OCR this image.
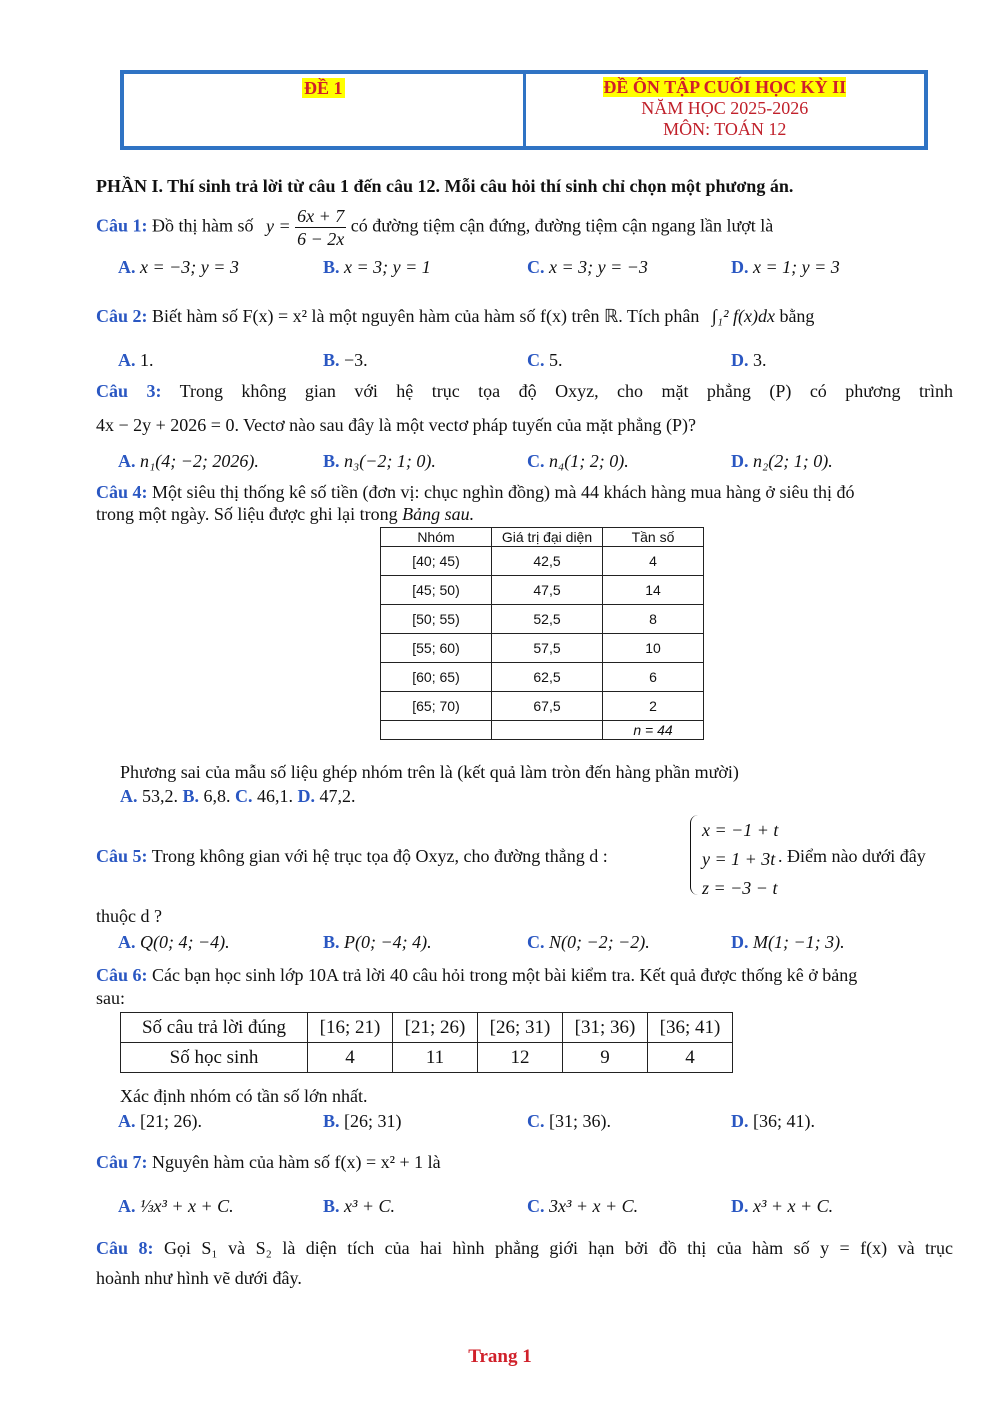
ĐỀ 1	ĐỀ ÔN TẬP CUỐI HỌC KỲ II
NĂM HỌC 2025-2026
MÔN: TOÁN 12
PHẦN I. Thí sinh trả lời từ câu 1 đến câu 12. Mỗi câu hỏi thí sinh chỉ chọn một phương án.
Câu 1: Đồ thị hàm số $y = \frac{6x + 7}{6 - 2x}$ có đường tiệm cận đứng, đường tiệm cận ngang lần lượt là
A. x = −3; y = 3	B. x = 3; y = 1	C. x = 3; y = −3	D. x = 1; y = 3
Câu 2: Biết hàm số F(x) = x² là một nguyên hàm của hàm số f(x) trên ℝ. Tích phân ∫₁² f(x)dx bằng
A. 1.	B. −3.	C. 5.	D. 3.
Câu 3: Trong không gian với hệ trục tọa độ Oxyz, cho mặt phẳng (P) có phương trình
4x − 2y + 2026 = 0. Vectơ nào sau đây là một vectơ pháp tuyến của mặt phẳng (P)?
A. n₁(4; −2; 2026).	B. n₃(−2; 1; 0).	C. n₄(1; 2; 0).	D. n₂(2; 1; 0).
Câu 4: Một siêu thị thống kê số tiền (đơn vị: chục nghìn đồng) mà 44 khách hàng mua hàng ở siêu thị đó
trong một ngày. Số liệu được ghi lại trong Bảng sau.
Nhóm	Giá trị đại diện	Tần số
[40; 45)	42,5	4
[45; 50)	47,5	14
[50; 55)	52,5	8
[55; 60)	57,5	10
[60; 65)	62,5	6
[65; 70)	67,5	2
		n = 44
Phương sai của mẫu số liệu ghép nhóm trên là (kết quả làm tròn đến hàng phần mười)
A. 53,2. B. 6,8. C. 46,1. D. 47,2.
Câu 5: Trong không gian với hệ trục tọa độ Oxyz, cho đường thẳng d :
x = −1 + t
y = 1 + 3t
z = −3 − t
. Điểm nào dưới đây
thuộc d ?
A. Q(0; 4; −4).	B. P(0; −4; 4).	C. N(0; −2; −2).	D. M(1; −1; 3).
Câu 6: Các bạn học sinh lớp 10A trả lời 40 câu hỏi trong một bài kiểm tra. Kết quả được thống kê ở bảng
sau:
Số câu trả lời đúng	[16; 21)	[21; 26)	[26; 31)	[31; 36)	[36; 41)
Số học sinh	4	11	12	9	4
Xác định nhóm có tần số lớn nhất.
A. [21; 26).	B. [26; 31)	C. [31; 36).	D. [36; 41).
Câu 7: Nguyên hàm của hàm số f(x) = x² + 1 là
A. ⅓x³ + x + C.	B. x³ + C.	C. 3x³ + x + C.	D. x³ + x + C.
Câu 8: Gọi S₁ và S₂ là diện tích của hai hình phẳng giới hạn bởi đồ thị của hàm số y = f(x) và trục
hoành như hình vẽ dưới đây.
Trang 1
